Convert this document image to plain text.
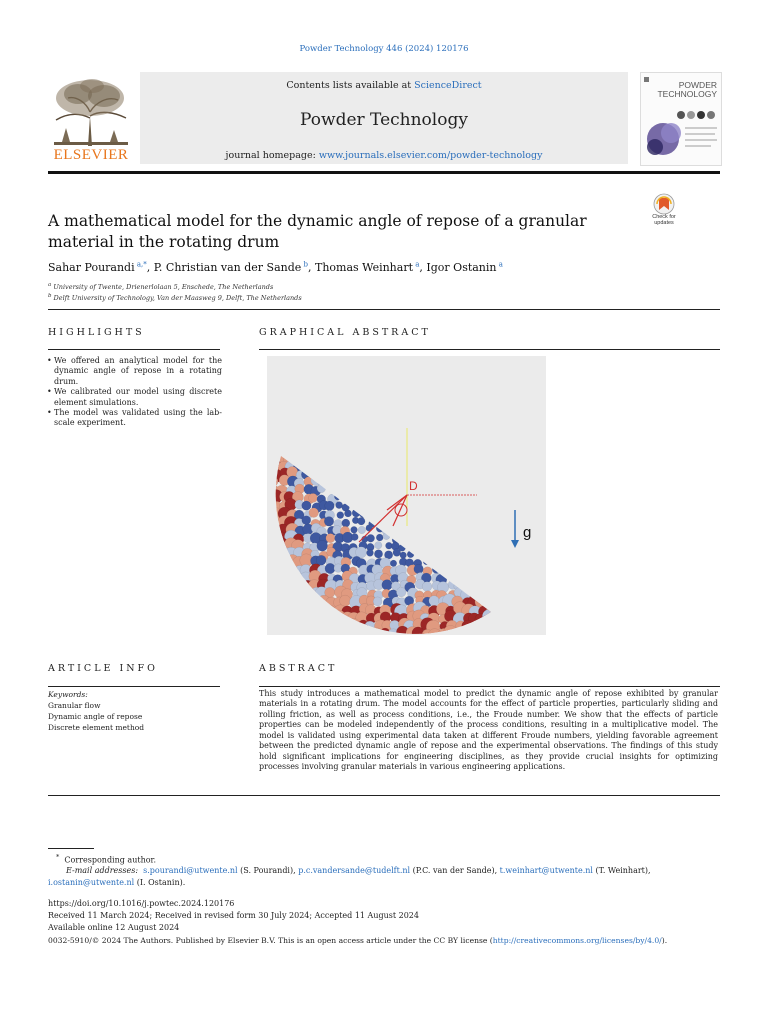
Powder Technology 446 (2024) 120176
ELSEVIER
Contents lists available at ScienceDirect
Powder Technology
journal homepage: www.journals.elsevier.com/powder-technology
POWDER
TECHNOLOGY
Check for
updates
A mathematical model for the dynamic angle of repose of a granular material in the rotating drum
Sahar Pourandi  $^{a,*}$, P. Christian van der Sande  $^b$, Thomas Weinhart  $^a$, Igor Ostanin  $^a$
$^a$ University of Twente, Drienerlolaan 5, Enschede, The Netherlands
$^b$ Delft University of Technology, Van der Maasweg 9, Delft, The Netherlands
HIGHLIGHTS
• We offered an analytical model for the dynamic angle of repose in a rotating drum.
• We calibrated our model using discrete element simulations.
• The model was validated using the lab-scale experiment.
GRAPHICAL ABSTRACT
D
g
ARTICLE INFO
Keywords:
Granular flow
Dynamic angle of repose
Discrete element method
ABSTRACT
This study introduces a mathematical model to predict the dynamic angle of repose exhibited by granular materials in a rotating drum. The model accounts for the effect of particle properties, particularly sliding and rolling friction, as well as process conditions, i.e., the Froude number. We show that the effects of particle properties can be modeled independently of the process conditions, resulting in a multiplicative model. The model is validated using experimental data taken at different Froude numbers, yielding favorable agreement between the predicted dynamic angle of repose and the experimental observations. The findings of this study hold significant implications for engineering disciplines, as they provide crucial insights for optimizing processes involving granular materials in various engineering applications.
* Corresponding author.
E-mail addresses: s.pourandi@utwente.nl (S. Pourandi), p.c.vandersande@tudelft.nl (P.C. van der Sande), t.weinhart@utwente.nl (T. Weinhart),
i.ostanin@utwente.nl (I. Ostanin).
https://doi.org/10.1016/j.powtec.2024.120176
Received 11 March 2024; Received in revised form 30 July 2024; Accepted 11 August 2024
Available online 12 August 2024
0032-5910/© 2024 The Authors. Published by Elsevier B.V. This is an open access article under the CC BY license (http://creativecommons.org/licenses/by/4.0/).
